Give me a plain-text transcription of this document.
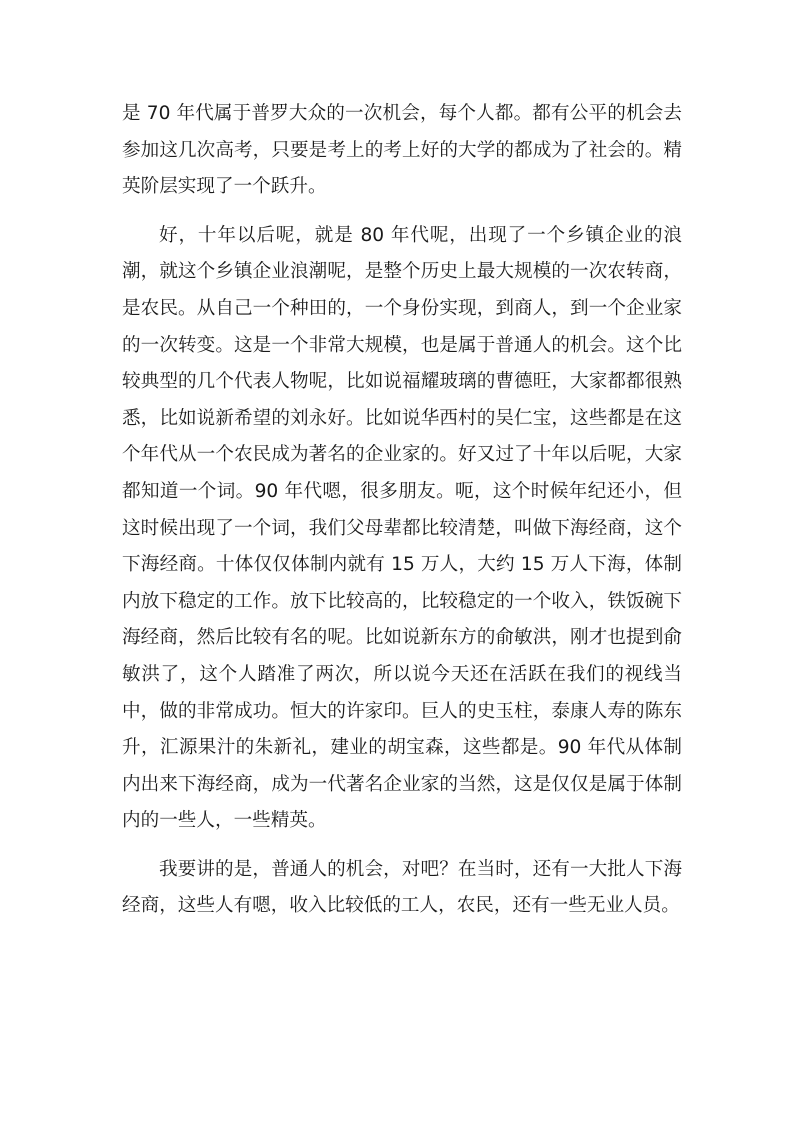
是 70 年代属于普罗大众的一次机会，每个人都。都有公平的机会去参加这几次高考，只要是考上的考上好的大学的都成为了社会的。精英阶层实现了一个跃升。

好，十年以后呢，就是 80 年代呢，出现了一个乡镇企业的浪潮，就这个乡镇企业浪潮呢，是整个历史上最大规模的一次农转商，是农民。从自己一个种田的，一个身份实现，到商人，到一个企业家的一次转变。这是一个非常大规模，也是属于普通人的机会。这个比较典型的几个代表人物呢，比如说福耀玻璃的曹德旺，大家都都很熟悉，比如说新希望的刘永好。比如说华西村的吴仁宝，这些都是在这个年代从一个农民成为著名的企业家的。好又过了十年以后呢，大家都知道一个词。90 年代嗯，很多朋友。呃，这个时候年纪还小，但这时候出现了一个词，我们父母辈都比较清楚，叫做下海经商，这个下海经商。十体仅仅体制内就有 15 万人，大约 15 万人下海，体制内放下稳定的工作。放下比较高的，比较稳定的一个收入，铁饭碗下海经商，然后比较有名的呢。比如说新东方的俞敏洪，刚才也提到俞敏洪了，这个人踏准了两次，所以说今天还在活跃在我们的视线当中，做的非常成功。恒大的许家印。巨人的史玉柱，泰康人寿的陈东升，汇源果汁的朱新礼，建业的胡宝森，这些都是。90 年代从体制内出来下海经商，成为一代著名企业家的当然，这是仅仅是属于体制内的一些人，一些精英。

我要讲的是，普通人的机会，对吧？在当时，还有一大批人下海经商，这些人有嗯，收入比较低的工人，农民，还有一些无业人员。
